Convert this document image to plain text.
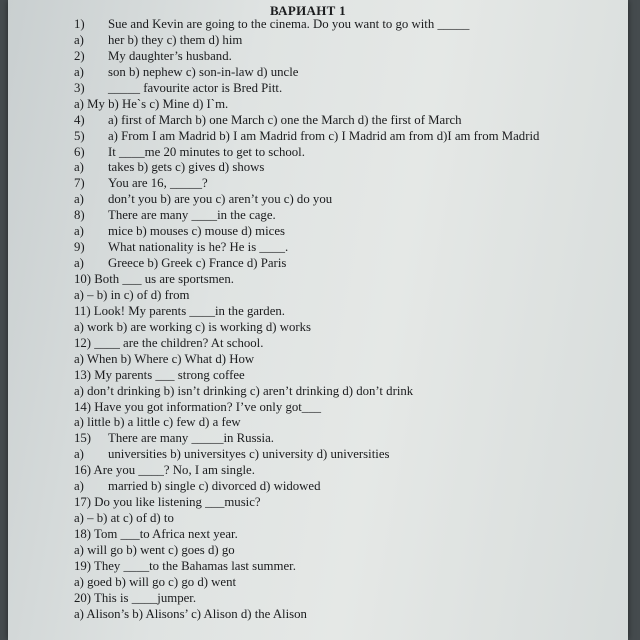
ВАРИАНТ 1
1) Sue and Kevin are going to the cinema. Do you want to go with _____
a) her b) they c) them d) him
2) My daughter’s husband.
a) son b) nephew c) son-in-law d) uncle
3) _____ favourite actor is Bred Pitt.
a) My b) He`s c) Mine d) I`m.
4) a) first of March b) one March c) one the March d) the first of March
5) a) From I am Madrid b) I am Madrid from c) I Madrid am from d)I am from Madrid
6) It ____me 20 minutes to get to school.
a) takes b) gets c) gives d) shows
7) You are 16, _____?
a) don’t you b) are you c) aren’t you c) do you
8) There are many ____in the cage.
a) mice b) mouses c) mouse d) mices
9) What nationality is he? He is ____.
a) Greece b) Greek c) France d) Paris
10) Both ___ us are sportsmen.
a) – b) in c) of d) from
11) Look! My parents ____in the garden.
a) work b) are working c) is working d) works
12) ____ are the children? At school.
a) When b) Where c) What d) How
13) My parents ___ strong coffee
a) don’t drinking b) isn’t drinking c) aren’t drinking d) don’t drink
14) Have you got information? I’ve only got___
a) little b) a little c) few d) a few
15) There are many _____in Russia.
a) universities b) universityes c) university d) universities
16) Are you ____? No, I am single.
a) married b) single c) divorced d) widowed
17) Do you like listening ___music?
a) – b) at c) of d) to
18) Tom ___to Africa next year.
a) will go b) went c) goes d) go
19) They ____to the Bahamas last summer.
a) goed b) will go c) go d) went
20) This is ____jumper.
a) Alison’s b) Alisons’ c) Alison d) the Alison
